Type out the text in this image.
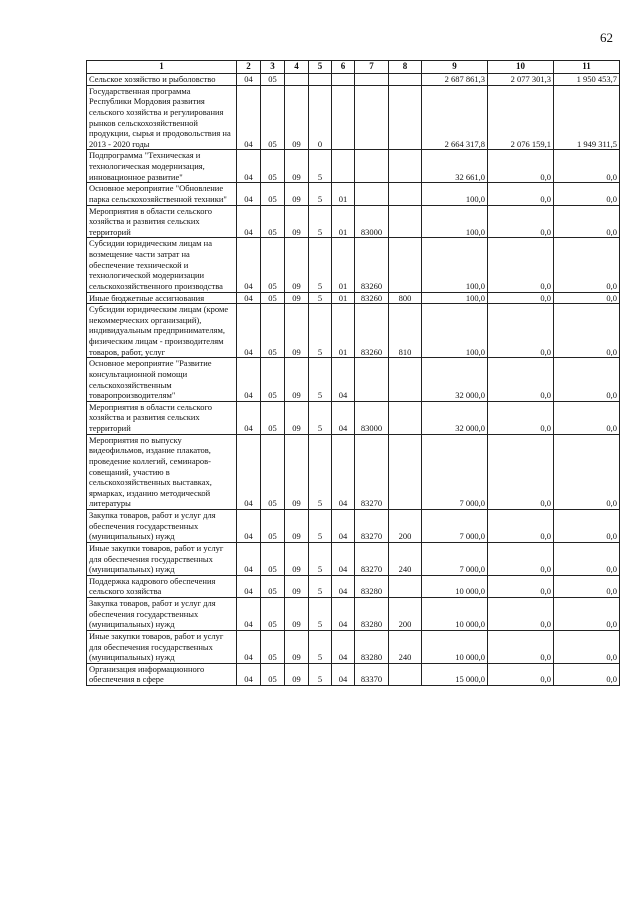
62
1	2	3	4	5	6	7	8	9	10	11
Сельское хозяйство и рыболовство	04	05						2 687 861,3	2 077 301,3	1 950 453,7
Государственная программа Республики Мордовия развития сельского хозяйства и регулирования рынков сельскохозяйственной продукции, сырья и продовольствия на 2013 - 2020 годы	04	05	09	0				2 664 317,8	2 076 159,1	1 949 311,5
Подпрограмма "Техническая и технологическая модернизация, инновационное развитие"	04	05	09	5				32 661,0	0,0	0,0
Основное мероприятие "Обновление парка сельскохозяйственной техники"	04	05	09	5	01			100,0	0,0	0,0
Мероприятия в области сельского хозяйства и развития сельских территорий	04	05	09	5	01	83000		100,0	0,0	0,0
Субсидии юридическим лицам на возмещение части затрат на обеспечение технической и технологической модернизации сельскохозяйственного производства	04	05	09	5	01	83260		100,0	0,0	0,0
Иные бюджетные ассигнования	04	05	09	5	01	83260	800	100,0	0,0	0,0
Субсидии юридическим лицам (кроме некоммерческих организаций), индивидуальным предпринимателям, физическим лицам - производителям товаров, работ, услуг	04	05	09	5	01	83260	810	100,0	0,0	0,0
Основное мероприятие "Развитие консультационной помощи сельскохозяйственным товаропроизводителям"	04	05	09	5	04			32 000,0	0,0	0,0
Мероприятия в области сельского хозяйства и развития сельских территорий	04	05	09	5	04	83000		32 000,0	0,0	0,0
Мероприятия по выпуску видеофильмов, издание плакатов, проведение коллегий, семинаров-совещаний, участию в сельскохозяйственных выставках, ярмарках, изданию методической литературы	04	05	09	5	04	83270		7 000,0	0,0	0,0
Закупка товаров, работ и услуг для обеспечения государственных (муниципальных) нужд	04	05	09	5	04	83270	200	7 000,0	0,0	0,0
Иные закупки товаров, работ и услуг для обеспечения государственных (муниципальных) нужд	04	05	09	5	04	83270	240	7 000,0	0,0	0,0
Поддержка кадрового обеспечения сельского хозяйства	04	05	09	5	04	83280		10 000,0	0,0	0,0
Закупка товаров, работ и услуг для обеспечения государственных (муниципальных) нужд	04	05	09	5	04	83280	200	10 000,0	0,0	0,0
Иные закупки товаров, работ и услуг для обеспечения государственных (муниципальных) нужд	04	05	09	5	04	83280	240	10 000,0	0,0	0,0
Организация информационного обеспечения в сфере	04	05	09	5	04	83370		15 000,0	0,0	0,0
